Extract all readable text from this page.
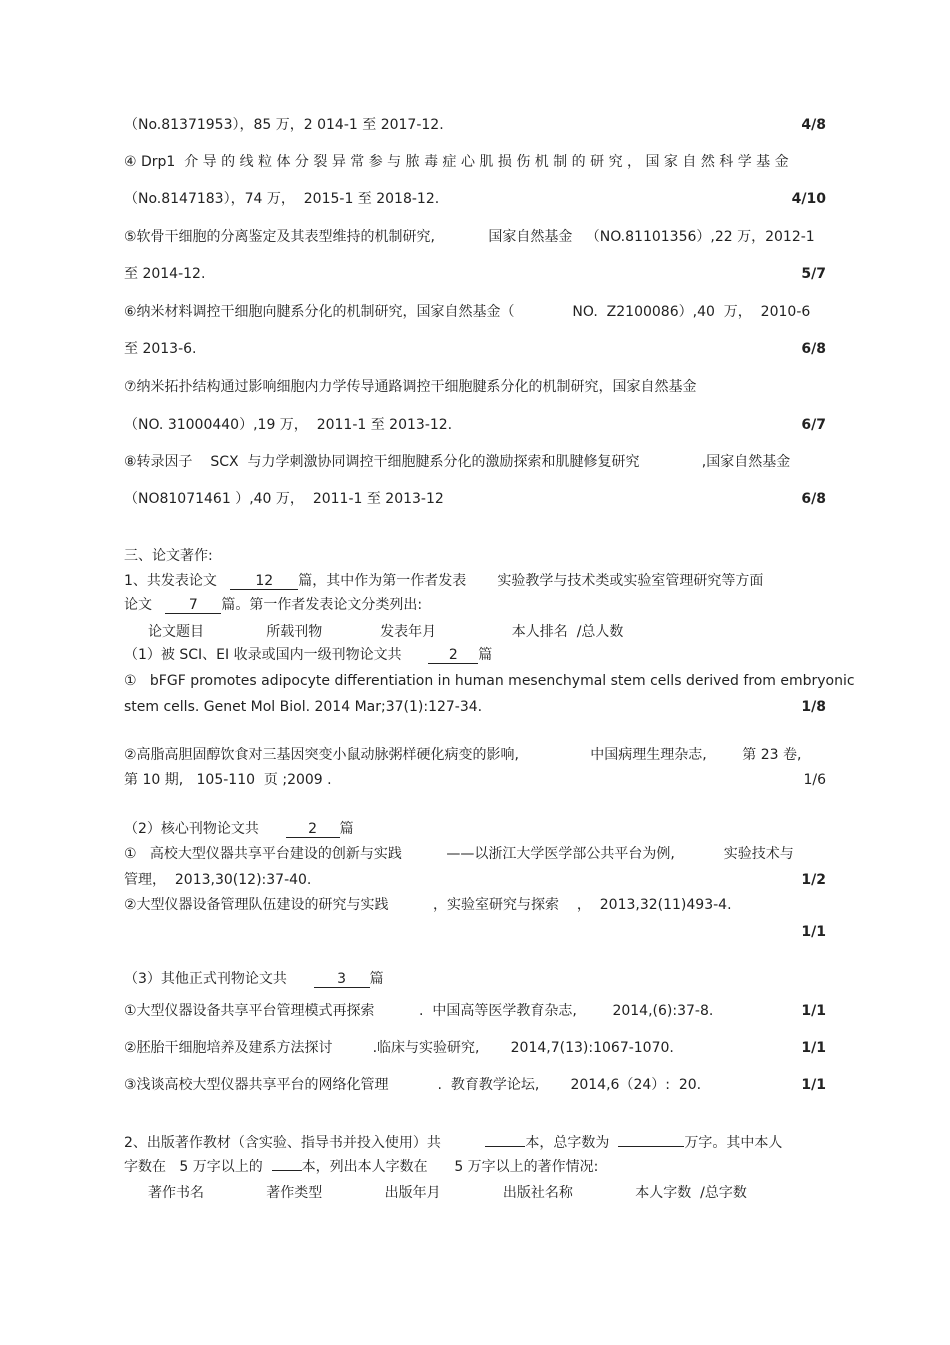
（No.81371953），85 万，2 014-1 至 2017-12.	4/8
④ Drp1  介 导 的 线 粒 体 分 裂 异 常 参 与 脓 毒 症 心 肌 损 伤 机 制 的 研 究 ， 国 家 自 然 科 学 基 金
（No.8147183），74 万，  2015-1 至 2018-12.	4/10
⑤软骨干细胞的分离鉴定及其表型维持的机制研究,            国家自然基金   （NO.81101356）,22 万，2012-1
至 2014-12.	5/7
⑥纳米材料调控干细胞向腱系分化的机制研究，国家自然基金（             NO.  Z2100086）,40  万，  2010-6
至 2013-6.	6/8
⑦纳米拓扑结构通过影响细胞内力学传导通路调控干细胞腱系分化的机制研究，国家自然基金
（NO. 31000440）,19 万，  2011-1 至 2013-12.	6/7
⑧转录因子    SCX  与力学刺激协同调控干细胞腱系分化的激励探索和肌腱修复研究              ,国家自然基金
（NO81071461 ）,40 万，  2011-1 至 2013-12	6/8
三、论文著作:
1、共发表论文	12 篇，其中作为第一作者发表       实验教学与技术类或实验室管理研究等方面
论文	7 篇。第一作者发表论文分类列出:
论文题目              所载刊物             发表年月                 本人排名  /总人数
（1）被 SCI、EI 收录或国内一级刊物论文共	2 篇
①   bFGF promotes adipocyte differentiation in human mesenchymal stem cells derived from embryonic
stem cells. Genet Mol Biol. 2014 Mar;37(1):127-34.	1/8
②高脂高胆固醇饮食对三基因突变小鼠动脉粥样硬化病变的影响,                中国病理生理杂志,        第 23 卷,
第 10 期,   105-110  页 ;2009 .	1/6
（2）核心刊物论文共	2 篇
①   高校大型仪器共享平台建设的创新与实践          ——以浙江大学医学部公共平台为例,           实验技术与
管理，  2013,30(12):37-40.	1/2
②大型仪器设备管理队伍建设的研究与实践          ，实验室研究与探索    ，  2013,32(11)493-4.
1/1
（3）其他正式刊物论文共	3 篇
①大型仪器设备共享平台管理模式再探索          .  中国高等医学教育杂志,        2014,(6):37-8.	1/1
②胚胎干细胞培养及建系方法探讨         .临床与实验研究,       2014,7(13):1067-1070.	1/1
③浅谈高校大型仪器共享平台的网络化管理           .  教育教学论坛,       2014,6（24）:  20.	1/1
2、出版著作教材（含实验、指导书并投入使用）共	本，总字数为	万字。其中本人
字数在   5 万字以上的	本，列出本人字数在      5 万字以上的著作情况:
著作书名              著作类型              出版年月              出版社名称              本人字数  /总字数
